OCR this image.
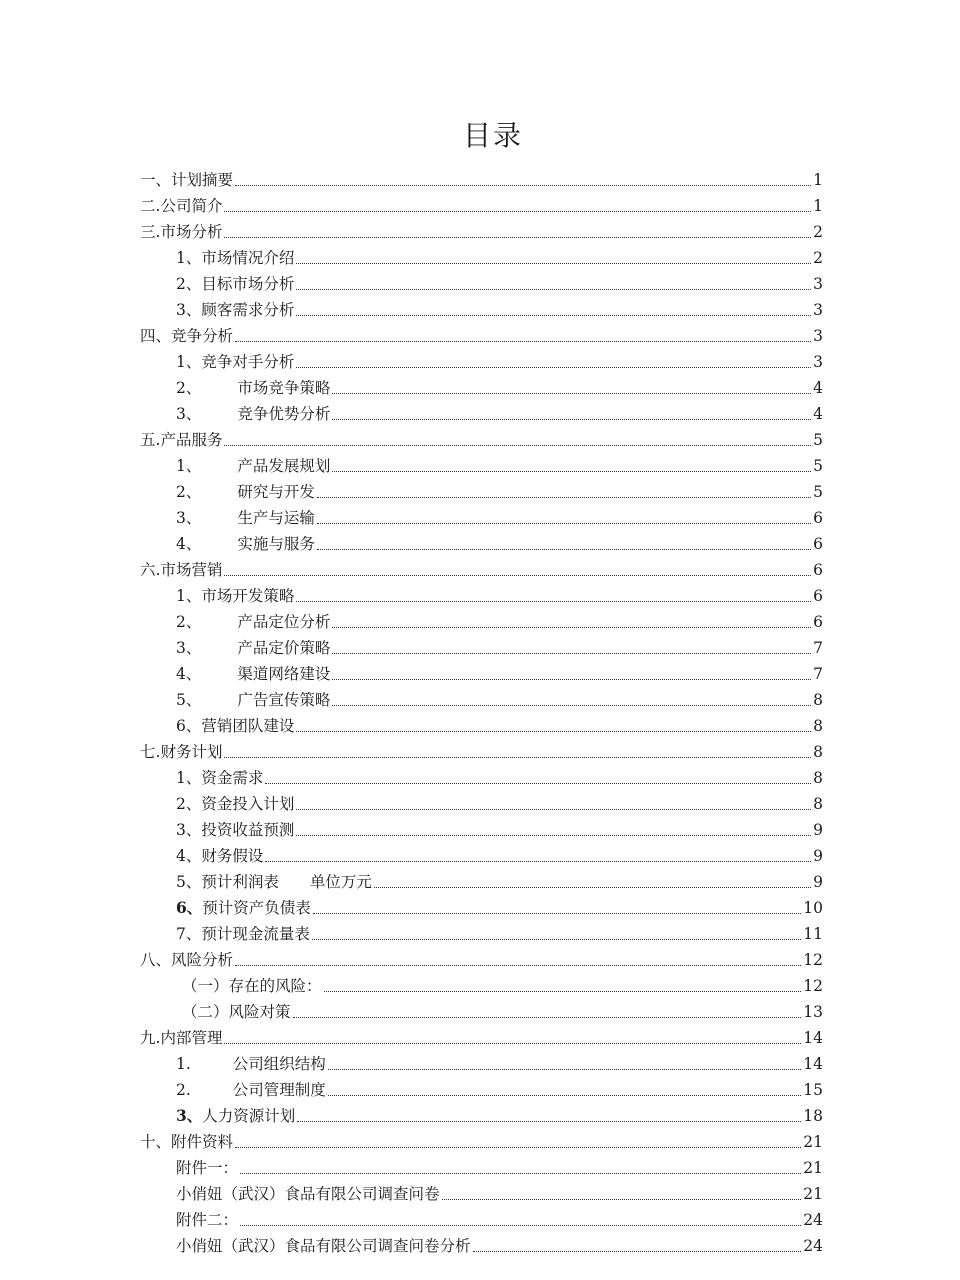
目录
一、 计划摘要	1
二. 公司简介	1
三. 市场分析	2
1、 市场情况介绍	2
2、 目标市场分析	3
3、 顾客需求分析	3
四、 竞争分析	3
1、 竞争对手分析	3
2、 市场竞争策略	4
3、 竞争优势分析	4
五. 产品服务	5
1、 产品发展规划	5
2、 研究与开发	5
3、 生产与运输	6
4、 实施与服务	6
六. 市场营销	6
1、 市场开发策略	6
2、 产品定位分析	6
3、 产品定价策略	7
4、 渠道网络建设	7
5、 广告宣传策略	8
6、 营销团队建设	8
七. 财务计划	8
1、 资金需求	8
2、 资金投入计划	8
3、 投资收益预测	9
4、 财务假设	9
5、 预计利润表　　单位万元	9
6、 预计资产负债表	10
7、 预计现金流量表	11
八、 风险分析	12
（一） 存在的风险：	12
（二） 风险对策	13
九. 内部管理	14
1.	公司组织结构	14
2.	公司管理制度	15
3、 人力资源计划	18
十、 附件资料	21
附件一：	21
小俏妞（武汉）食品有限公司调查问卷	21
附件二：	24
小俏妞（武汉）食品有限公司调查问卷分析	24
